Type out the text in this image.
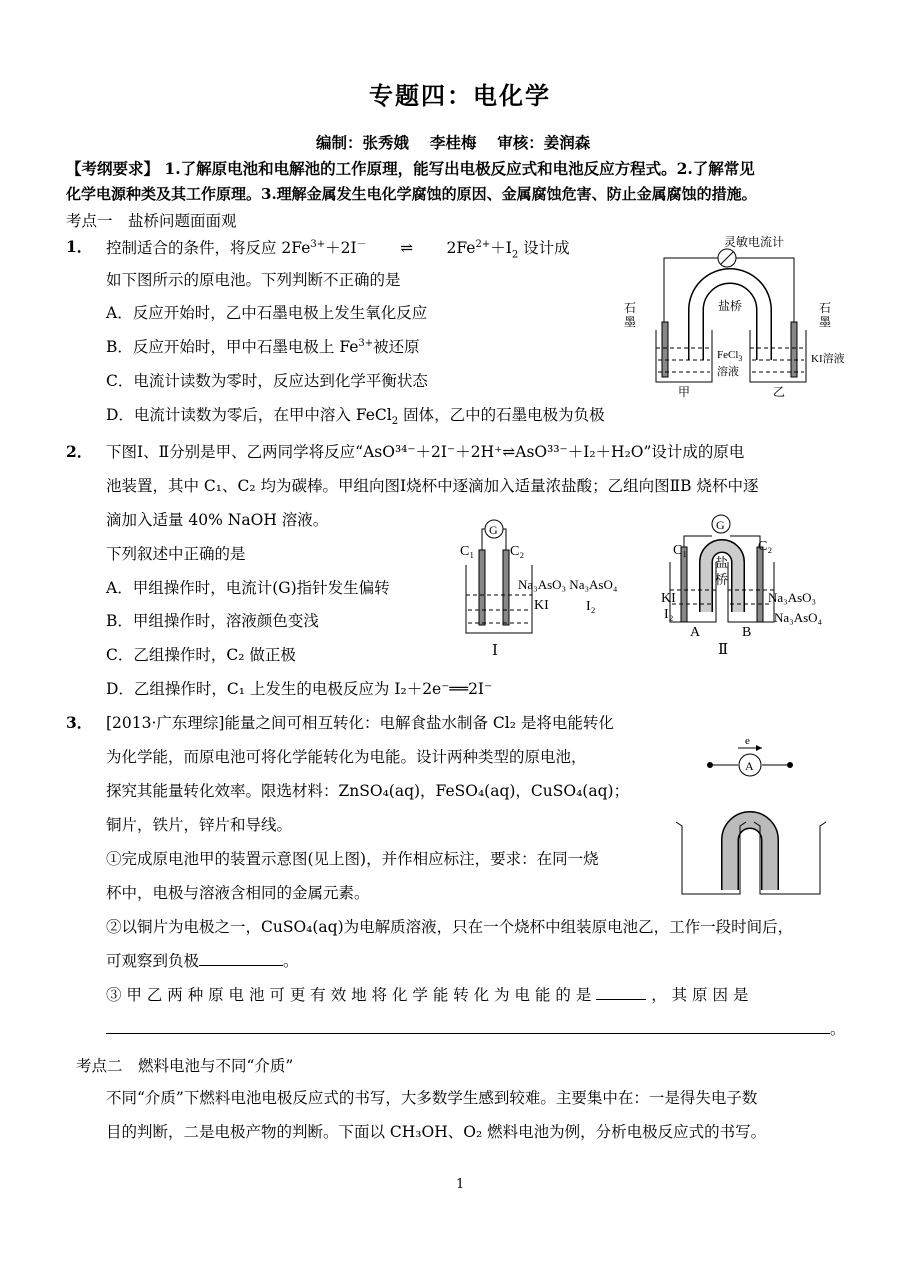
专题四：电化学
编制：张秀娥　 李桂梅　 审核：姜润森
【考纲要求】 1.了解原电池和电解池的工作原理，能写出电极反应式和电池反应方程式。2.了解常见
化学电源种类及其工作原理。3.理解金属发生电化学腐蚀的原因、金属腐蚀危害、防止金属腐蚀的措施。
考点一　盐桥问题面面观
1． 控制适合的条件，将反应 $2Fe^{3+}+2I^-$ ⇌ $2Fe^{2+}+I_2$ 设计成
如下图所示的原电池。下列判断不正确的是
A．反应开始时，乙中石墨电极上发生氧化反应
B．反应开始时，甲中石墨电极上 $Fe^{3+}$被还原
C．电流计读数为零时，反应达到化学平衡状态
D．电流计读数为零后，在甲中溶入 FeCl$_2$ 固体，乙中的石墨电极为负极
灵敏电流计
盐桥
石
墨
石
墨
FeCl$_3$
溶液
KI溶液
甲	乙
2． 下图Ⅰ、Ⅱ分别是甲、乙两同学将反应“AsO³⁴⁻＋2I⁻＋2H⁺⇌AsO³³⁻＋I₂＋H₂O”设计成的原电
池装置，其中 C₁、C₂ 均为碳棒。甲组向图Ⅰ烧杯中逐滴加入适量浓盐酸；乙组向图ⅡB 烧杯中逐
滴加入适量 40% NaOH 溶液。
下列叙述中正确的是
A．甲组操作时，电流计(G)指针发生偏转
B．甲组操作时，溶液颜色变浅
C．乙组操作时，C₂ 做正极
D．乙组操作时，C₁ 上发生的电极反应为 I₂＋2e⁻══2I⁻
G
C₁	C₂
Na₃AsO₃ Na₃AsO₄
KI	I₂
Ⅰ
G
盐
桥
C₁	C₂
KI
I₂
A	B
Na₃AsO₃
Na₃AsO₄
Ⅱ
3． [2013·广东理综]能量之间可相互转化：电解食盐水制备 Cl₂ 是将电能转化
为化学能，而原电池可将化学能转化为电能。设计两种类型的原电池，
探究其能量转化效率。限选材料：ZnSO₄(aq)，FeSO₄(aq)，CuSO₄(aq)；
铜片，铁片，锌片和导线。
①完成原电池甲的装置示意图(见上图)，并作相应标注，要求：在同一烧
杯中，电极与溶液含相同的金属元素。
②以铜片为电极之一，CuSO₄(aq)为电解质溶液，只在一个烧杯中组装原电池乙，工作一段时间后，
可观察到负极	。
③ 甲 乙 两 种 原 电 池 可 更 有 效 地 将 化 学 能 转 化 为 电 能 的 是	， 其 原 因 是
。
e
A
考点二　燃料电池与不同“介质”
不同“介质”下燃料电池电极反应式的书写，大多数学生感到较难。主要集中在：一是得失电子数
目的判断，二是电极产物的判断。下面以 CH₃OH、O₂ 燃料电池为例，分析电极反应式的书写。
1
